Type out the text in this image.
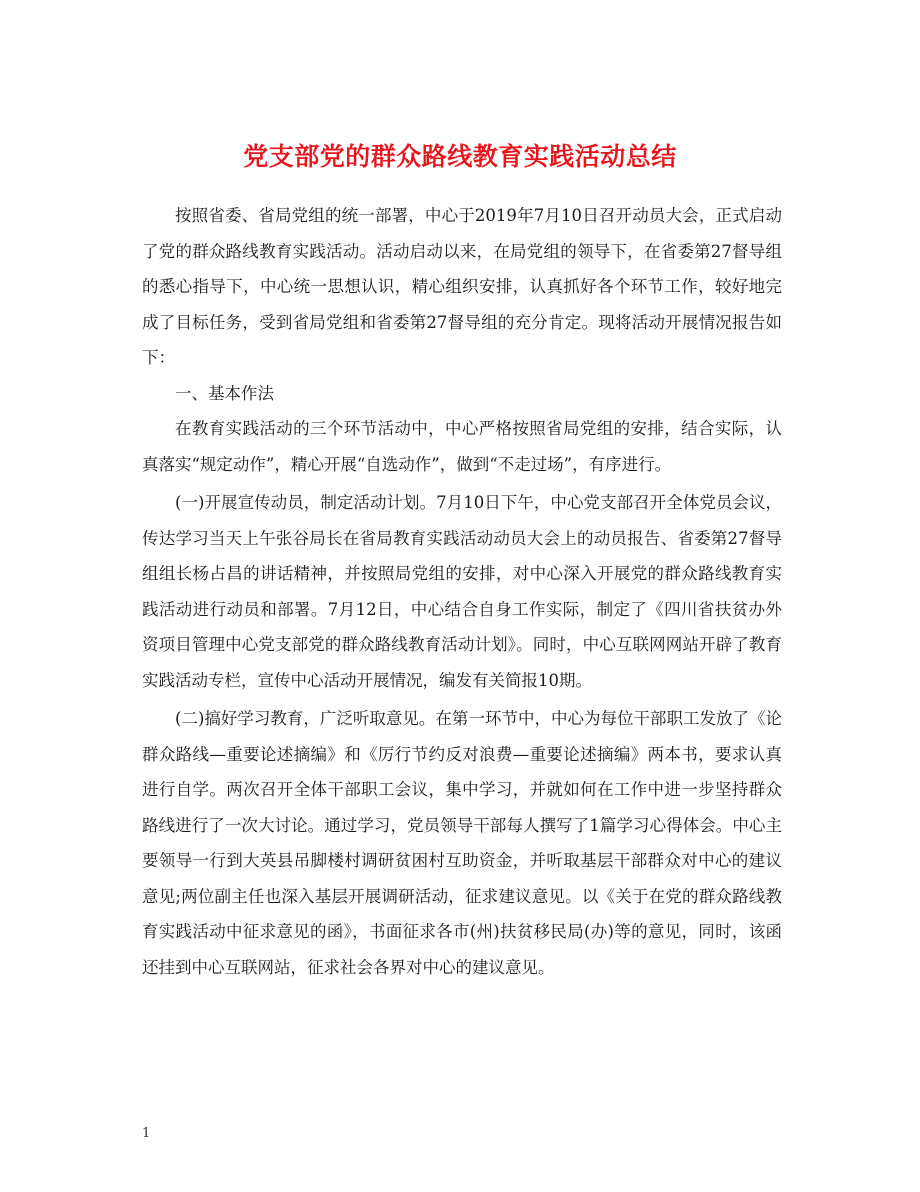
党支部党的群众路线教育实践活动总结

按照省委、省局党组的统一部署，中心于2019年7月10日召开动员大会，正式启动了党的群众路线教育实践活动。活动启动以来，在局党组的领导下，在省委第27督导组的悉心指导下，中心统一思想认识，精心组织安排，认真抓好各个环节工作，较好地完成了目标任务，受到省局党组和省委第27督导组的充分肯定。现将活动开展情况报告如下：

一、基本作法

在教育实践活动的三个环节活动中，中心严格按照省局党组的安排，结合实际，认真落实“规定动作”，精心开展“自选动作”，做到“不走过场”，有序进行。

(一)开展宣传动员，制定活动计划。7月10日下午，中心党支部召开全体党员会议，传达学习当天上午张谷局长在省局教育实践活动动员大会上的动员报告、省委第27督导组组长杨占昌的讲话精神，并按照局党组的安排，对中心深入开展党的群众路线教育实践活动进行动员和部署。7月12日，中心结合自身工作实际，制定了《四川省扶贫办外资项目管理中心党支部党的群众路线教育活动计划》。同时，中心互联网网站开辟了教育实践活动专栏，宣传中心活动开展情况，编发有关简报10期。

(二)搞好学习教育，广泛听取意见。在第一环节中，中心为每位干部职工发放了《论群众路线—重要论述摘编》和《厉行节约反对浪费—重要论述摘编》两本书，要求认真进行自学。两次召开全体干部职工会议，集中学习，并就如何在工作中进一步坚持群众路线进行了一次大讨论。通过学习，党员领导干部每人撰写了1篇学习心得体会。中心主要领导一行到大英县吊脚楼村调研贫困村互助资金，并听取基层干部群众对中心的建议意见;两位副主任也深入基层开展调研活动，征求建议意见。以《关于在党的群众路线教育实践活动中征求意见的函》，书面征求各市(州)扶贫移民局(办)等的意见，同时，该函还挂到中心互联网站，征求社会各界对中心的建议意见。

1
